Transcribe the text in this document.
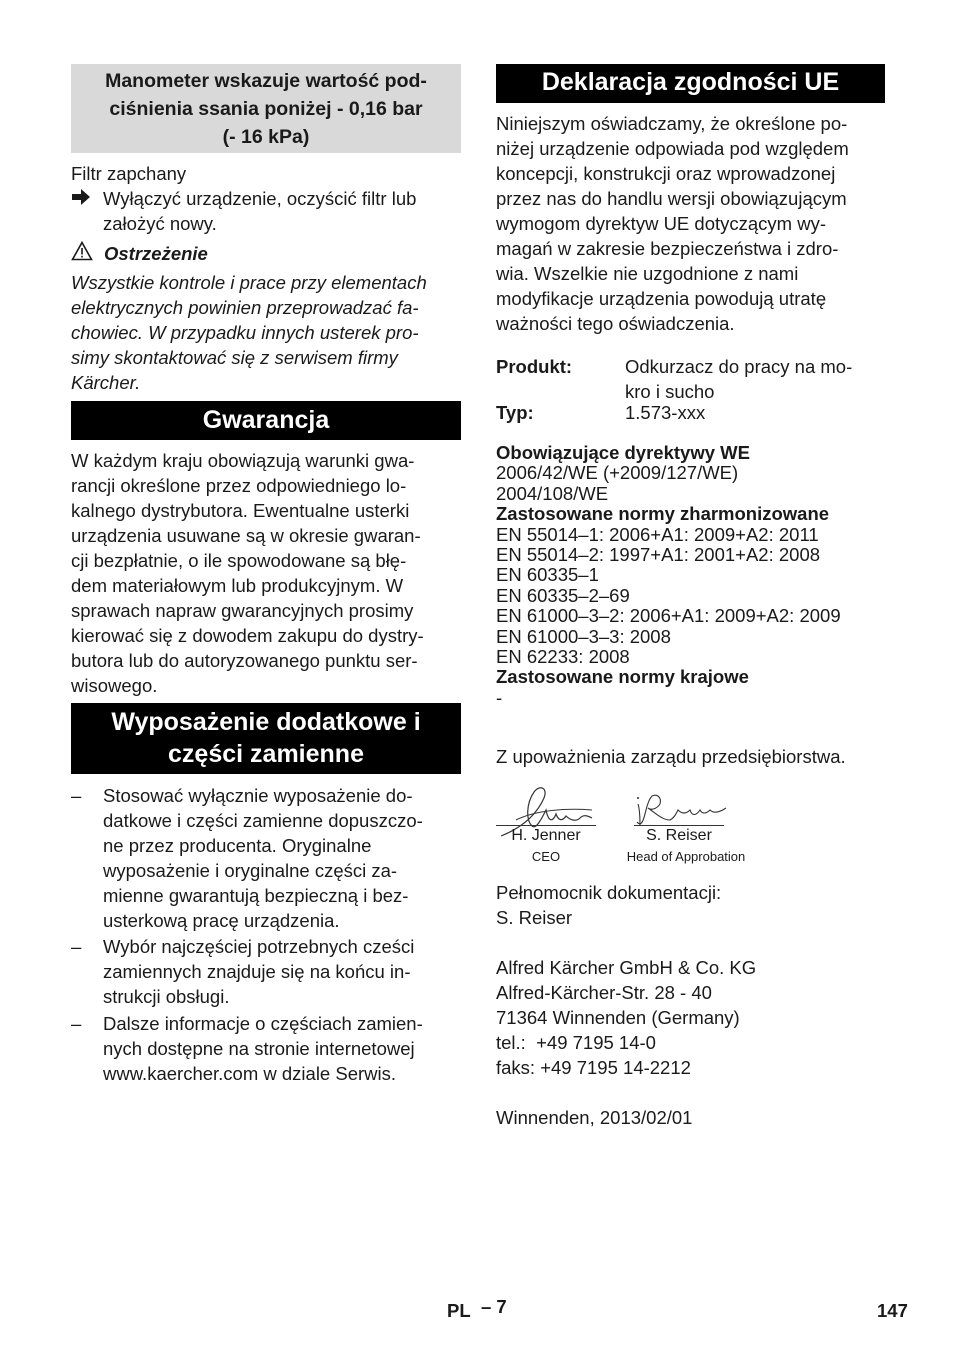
Manometer wskazuje wartość pod-
ciśnienia ssania poniżej - 0,16 bar
(- 16 kPa)

Filtr zapchany

Wyłączyć urządzenie, oczyścić filtr lub
założyć nowy.
Ostrzeżenie
Wszystkie kontrole i prace przy elementach
elektrycznych powinien przeprowadzać fa-
chowiec. W przypadku innych usterek pro-
simy skontaktować się z serwisem firmy
Kärcher.
Gwarancja
W każdym kraju obowiązują warunki gwa-
rancji określone przez odpowiedniego lo-
kalnego dystrybutora. Ewentualne usterki
urządzenia usuwane są w okresie gwaran-
cji bezpłatnie, o ile spowodowane są błę-
dem materiałowym lub produkcyjnym. W
sprawach napraw gwarancyjnych prosimy
kierować się z dowodem zakupu do dystry-
butora lub do autoryzowanego punktu ser-
wisowego.
Wyposażenie dodatkowe i
części zamienne
–	Stosować wyłącznie wyposażenie do-
datkowe i części zamienne dopuszczo-
ne przez producenta. Oryginalne
wyposażenie i oryginalne części za-
mienne gwarantują bezpieczną i bez-
usterkową pracę urządzenia.
–	Wybór najczęściej potrzebnych cześci
zamiennych znajduje się na końcu in-
strukcji obsługi.
–	Dalsze informacje o częściach zamien-
nych dostępne na stronie internetowej
www.kaercher.com w dziale Serwis.
Deklaracja zgodności UE
Niniejszym oświadczamy, że określone po-
niżej urządzenie odpowiada pod względem
koncepcji, konstrukcji oraz wprowadzonej
przez nas do handlu wersji obowiązującym
wymogom dyrektyw UE dotyczącym wy-
magań w zakresie bezpieczeństwa i zdro-
wia. Wszelkie nie uzgodnione z nami
modyfikacje urządzenia powodują utratę
ważności tego oświadczenia.
Produkt:	Odkurzacz do pracy na mo-
kro i sucho
Typ:	1.573-xxx
Obowiązujące dyrektywy WE
2006/42/WE (+2009/127/WE)
2004/108/WE
Zastosowane normy zharmonizowane
EN 55014–1: 2006+A1: 2009+A2: 2011
EN 55014–2: 1997+A1: 2001+A2: 2008
EN 60335–1
EN 60335–2–69
EN 61000–3–2: 2006+A1: 2009+A2: 2009
EN 61000–3–3: 2008
EN 62233: 2008
Zastosowane normy krajowe
-
Z upoważnienia zarządu przedsiębiorstwa.
H. Jenner
CEO
S. Reiser
Head of Approbation
Pełnomocnik dokumentacji:
S. Reiser
Alfred Kärcher GmbH & Co. KG
Alfred-Kärcher-Str. 28 - 40
71364 Winnenden (Germany)
tel.:  +49 7195 14-0
faks: +49 7195 14-2212
Winnenden, 2013/02/01
PL – 7	147
